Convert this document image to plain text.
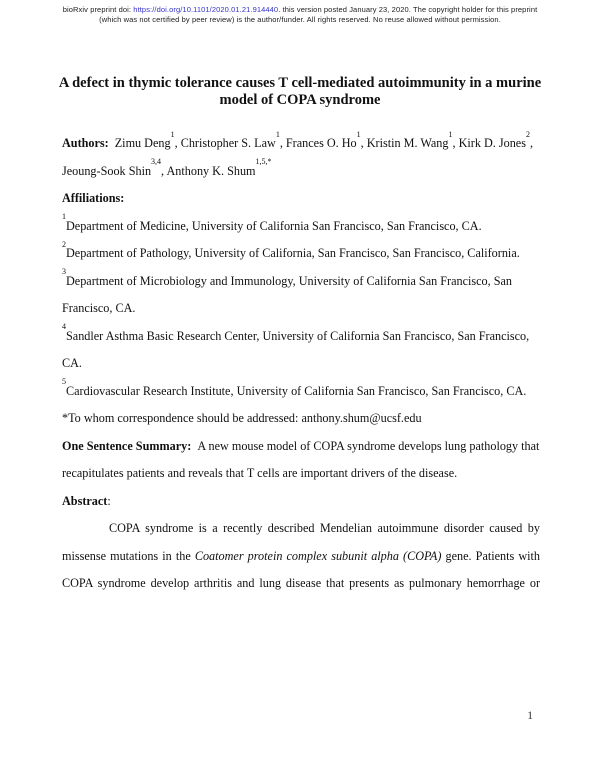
bioRxiv preprint doi: https://doi.org/10.1101/2020.01.21.914440. this version posted January 23, 2020. The copyright holder for this preprint
(which was not certified by peer review) is the author/funder. All rights reserved. No reuse allowed without permission.
A defect in thymic tolerance causes T cell-mediated autoimmunity in a murine
model of COPA syndrome

Authors: Zimu Deng$^1$, Christopher S. Law$^1$, Frances O. Ho$^1$, Kristin M. Wang$^1$, Kirk D. Jones$^2$, Jeoung-Sook Shin$^{3,4}$, Anthony K. Shum$^{1,5,*}$

Affiliations:

$^1$Department of Medicine, University of California San Francisco, San Francisco, CA.

$^2$Department of Pathology, University of California, San Francisco, San Francisco, California.

$^3$Department of Microbiology and Immunology, University of California San Francisco, San Francisco, CA.

$^4$Sandler Asthma Basic Research Center, University of California San Francisco, San Francisco, CA.

$^5$Cardiovascular Research Institute, University of California San Francisco, San Francisco, CA.

*To whom correspondence should be addressed: anthony.shum@ucsf.edu

One Sentence Summary: A new mouse model of COPA syndrome develops lung pathology that recapitulates patients and reveals that T cells are important drivers of the disease.

Abstract:

COPA syndrome is a recently described Mendelian autoimmune disorder caused by missense mutations in the Coatomer protein complex subunit alpha (COPA) gene. Patients with COPA syndrome develop arthritis and lung disease that presents as pulmonary hemorrhage or

1
